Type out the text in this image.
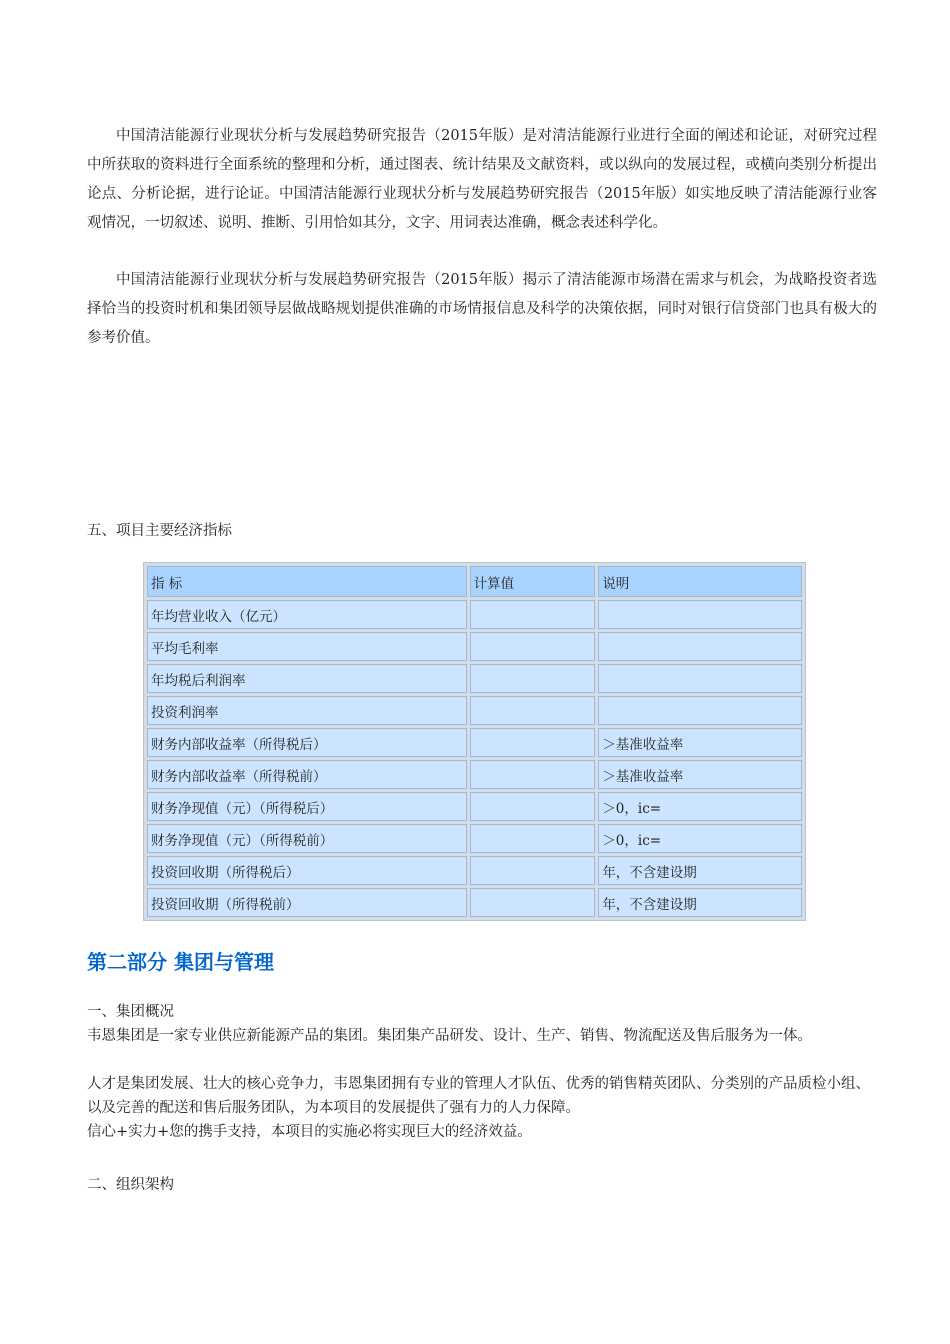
中国清洁能源行业现状分析与发展趋势研究报告（2015年版）是对清洁能源行业进行全面的阐述和论证，对研究过程中所获取的资料进行全面系统的整理和分析，通过图表、统计结果及文献资料，或以纵向的发展过程，或横向类别分析提出论点、分析论据，进行论证。中国清洁能源行业现状分析与发展趋势研究报告（2015年版）如实地反映了清洁能源行业客观情况，一切叙述、说明、推断、引用恰如其分，文字、用词表达准确，概念表述科学化。

中国清洁能源行业现状分析与发展趋势研究报告（2015年版）揭示了清洁能源市场潜在需求与机会，为战略投资者选择恰当的投资时机和集团领导层做战略规划提供准确的市场情报信息及科学的决策依据，同时对银行信贷部门也具有极大的参考价值。

五、项目主要经济指标

指 标	计算值	说明
年均营业收入（亿元）		
平均毛利率		
年均税后利润率		
投资利润率		
财务内部收益率（所得税后）		＞基准收益率
财务内部收益率（所得税前）		＞基准收益率
财务净现值（元）（所得税后）		＞0，ic=
财务净现值（元）（所得税前）		＞0，ic=
投资回收期（所得税后）		年，不含建设期
投资回收期（所得税前）		年，不含建设期
第二部分 集团与管理

一、集团概况

韦恩集团是一家专业供应新能源产品的集团。集团集产品研发、设计、生产、销售、物流配送及售后服务为一体。

人才是集团发展、壮大的核心竞争力，韦恩集团拥有专业的管理人才队伍、优秀的销售精英团队、分类别的产品质检小组、以及完善的配送和售后服务团队，为本项目的发展提供了强有力的人力保障。

信心+实力+您的携手支持，本项目的实施必将实现巨大的经济效益。

二、组织架构
